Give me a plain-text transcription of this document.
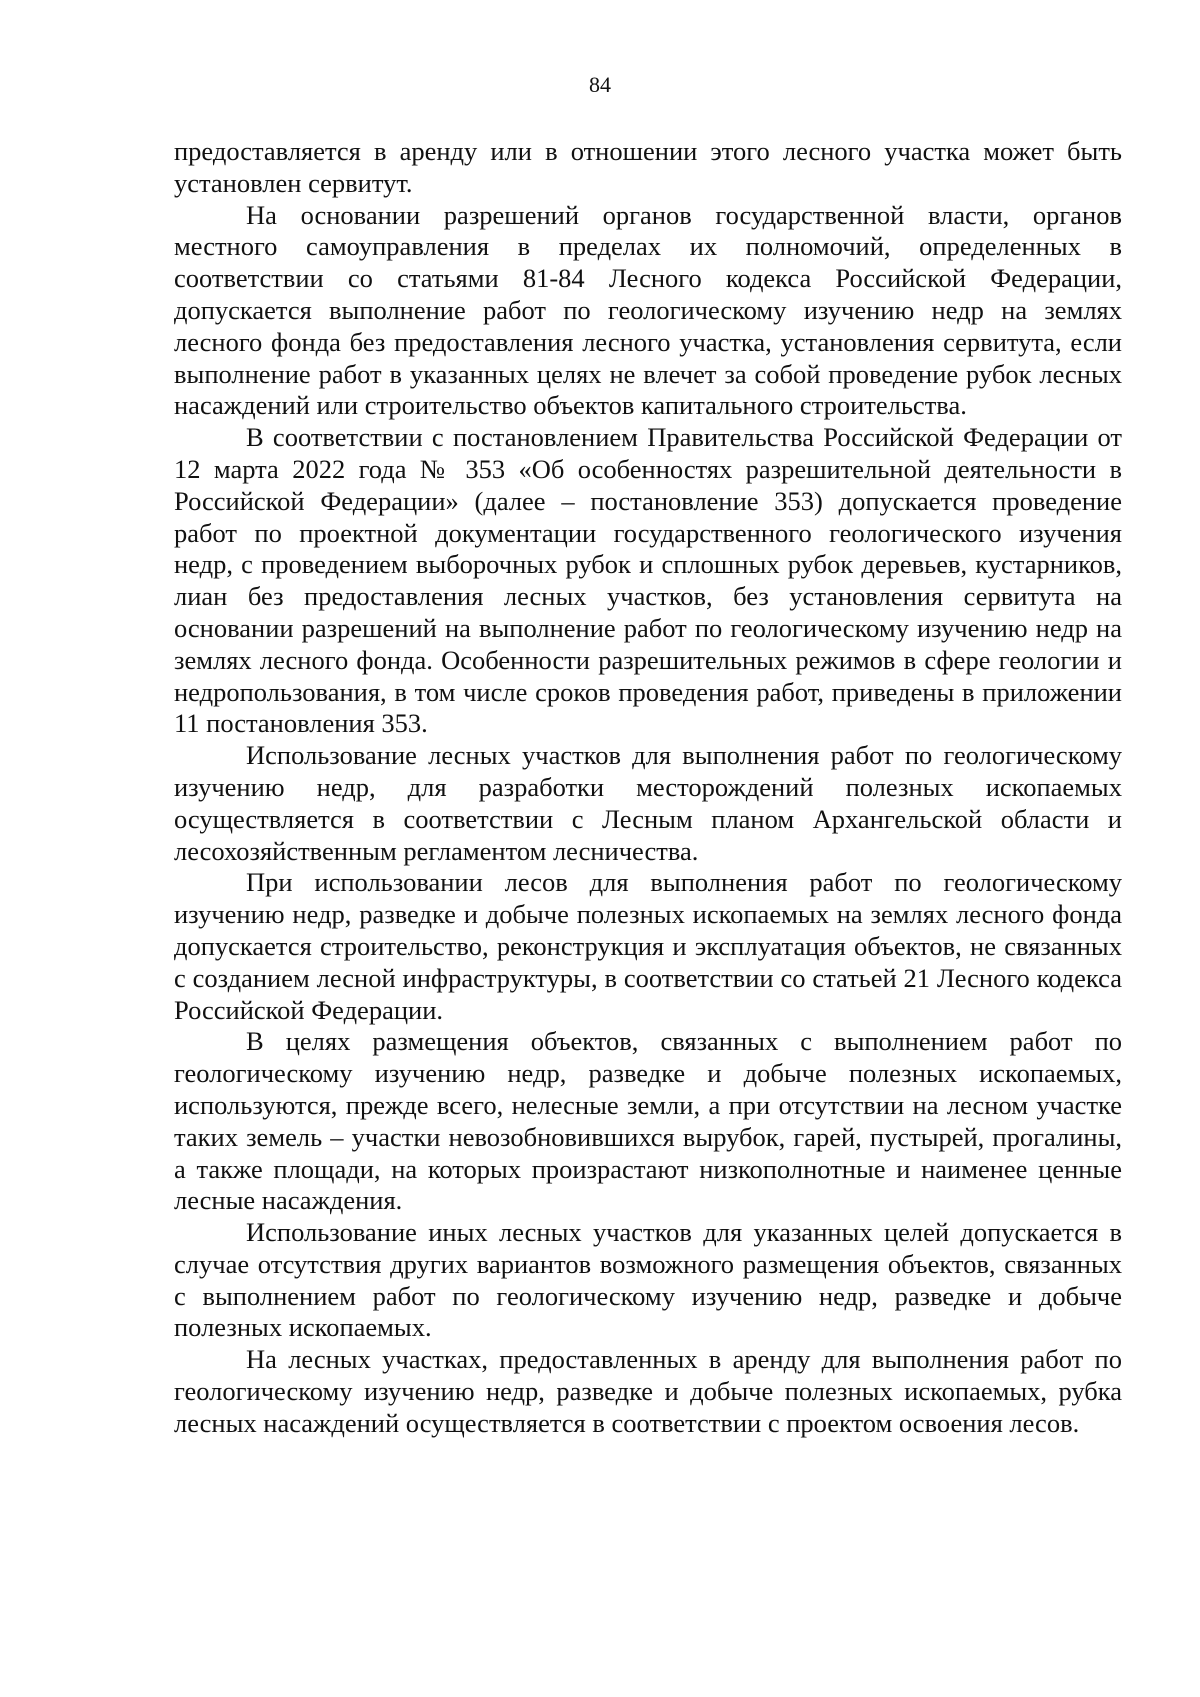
84

предоставляется в аренду или в отношении этого лесного участка может быть установлен сервитут.

На основании разрешений органов государственной власти, органов местного самоуправления в пределах их полномочий, определенных в соответствии со статьями 81-84 Лесного кодекса Российской Федерации, допускается выполнение работ по геологическому изучению недр на землях лесного фонда без предоставления лесного участка, установления сервитута, если выполнение работ в указанных целях не влечет за собой проведение рубок лесных насаждений или строительство объектов капитального строительства.

В соответствии с постановлением Правительства Российской Федерации от 12 марта 2022 года № 353 «Об особенностях разрешительной деятельности в Российской Федерации» (далее – постановление 353) допускается проведение работ по проектной документации государственного геологического изучения недр, с проведением выборочных рубок и сплошных рубок деревьев, кустарников, лиан без предоставления лесных участков, без установления сервитута на основании разрешений на выполнение работ по геологическому изучению недр на землях лесного фонда. Особенности разрешительных режимов в сфере геологии и недропользования, в том числе сроков проведения работ, приведены в приложении 11 постановления 353.

Использование лесных участков для выполнения работ по геологическому изучению недр, для разработки месторождений полезных ископаемых осуществляется в соответствии с Лесным планом Архангельской области и лесохозяйственным регламентом лесничества.

При использовании лесов для выполнения работ по геологическому изучению недр, разведке и добыче полезных ископаемых на землях лесного фонда допускается строительство, реконструкция и эксплуатация объектов, не связанных с созданием лесной инфраструктуры, в соответствии со статьей 21 Лесного кодекса Российской Федерации.

В целях размещения объектов, связанных с выполнением работ по геологическому изучению недр, разведке и добыче полезных ископаемых, используются, прежде всего, нелесные земли, а при отсутствии на лесном участке таких земель – участки невозобновившихся вырубок, гарей, пустырей, прогалины, а также площади, на которых произрастают низкополнотные и наименее ценные лесные насаждения.

Использование иных лесных участков для указанных целей допускается в случае отсутствия других вариантов возможного размещения объектов, связанных с выполнением работ по геологическому изучению недр, разведке и добыче полезных ископаемых.

На лесных участках, предоставленных в аренду для выполнения работ по геологическому изучению недр, разведке и добыче полезных ископаемых, рубка лесных насаждений осуществляется в соответствии с проектом освоения лесов.
